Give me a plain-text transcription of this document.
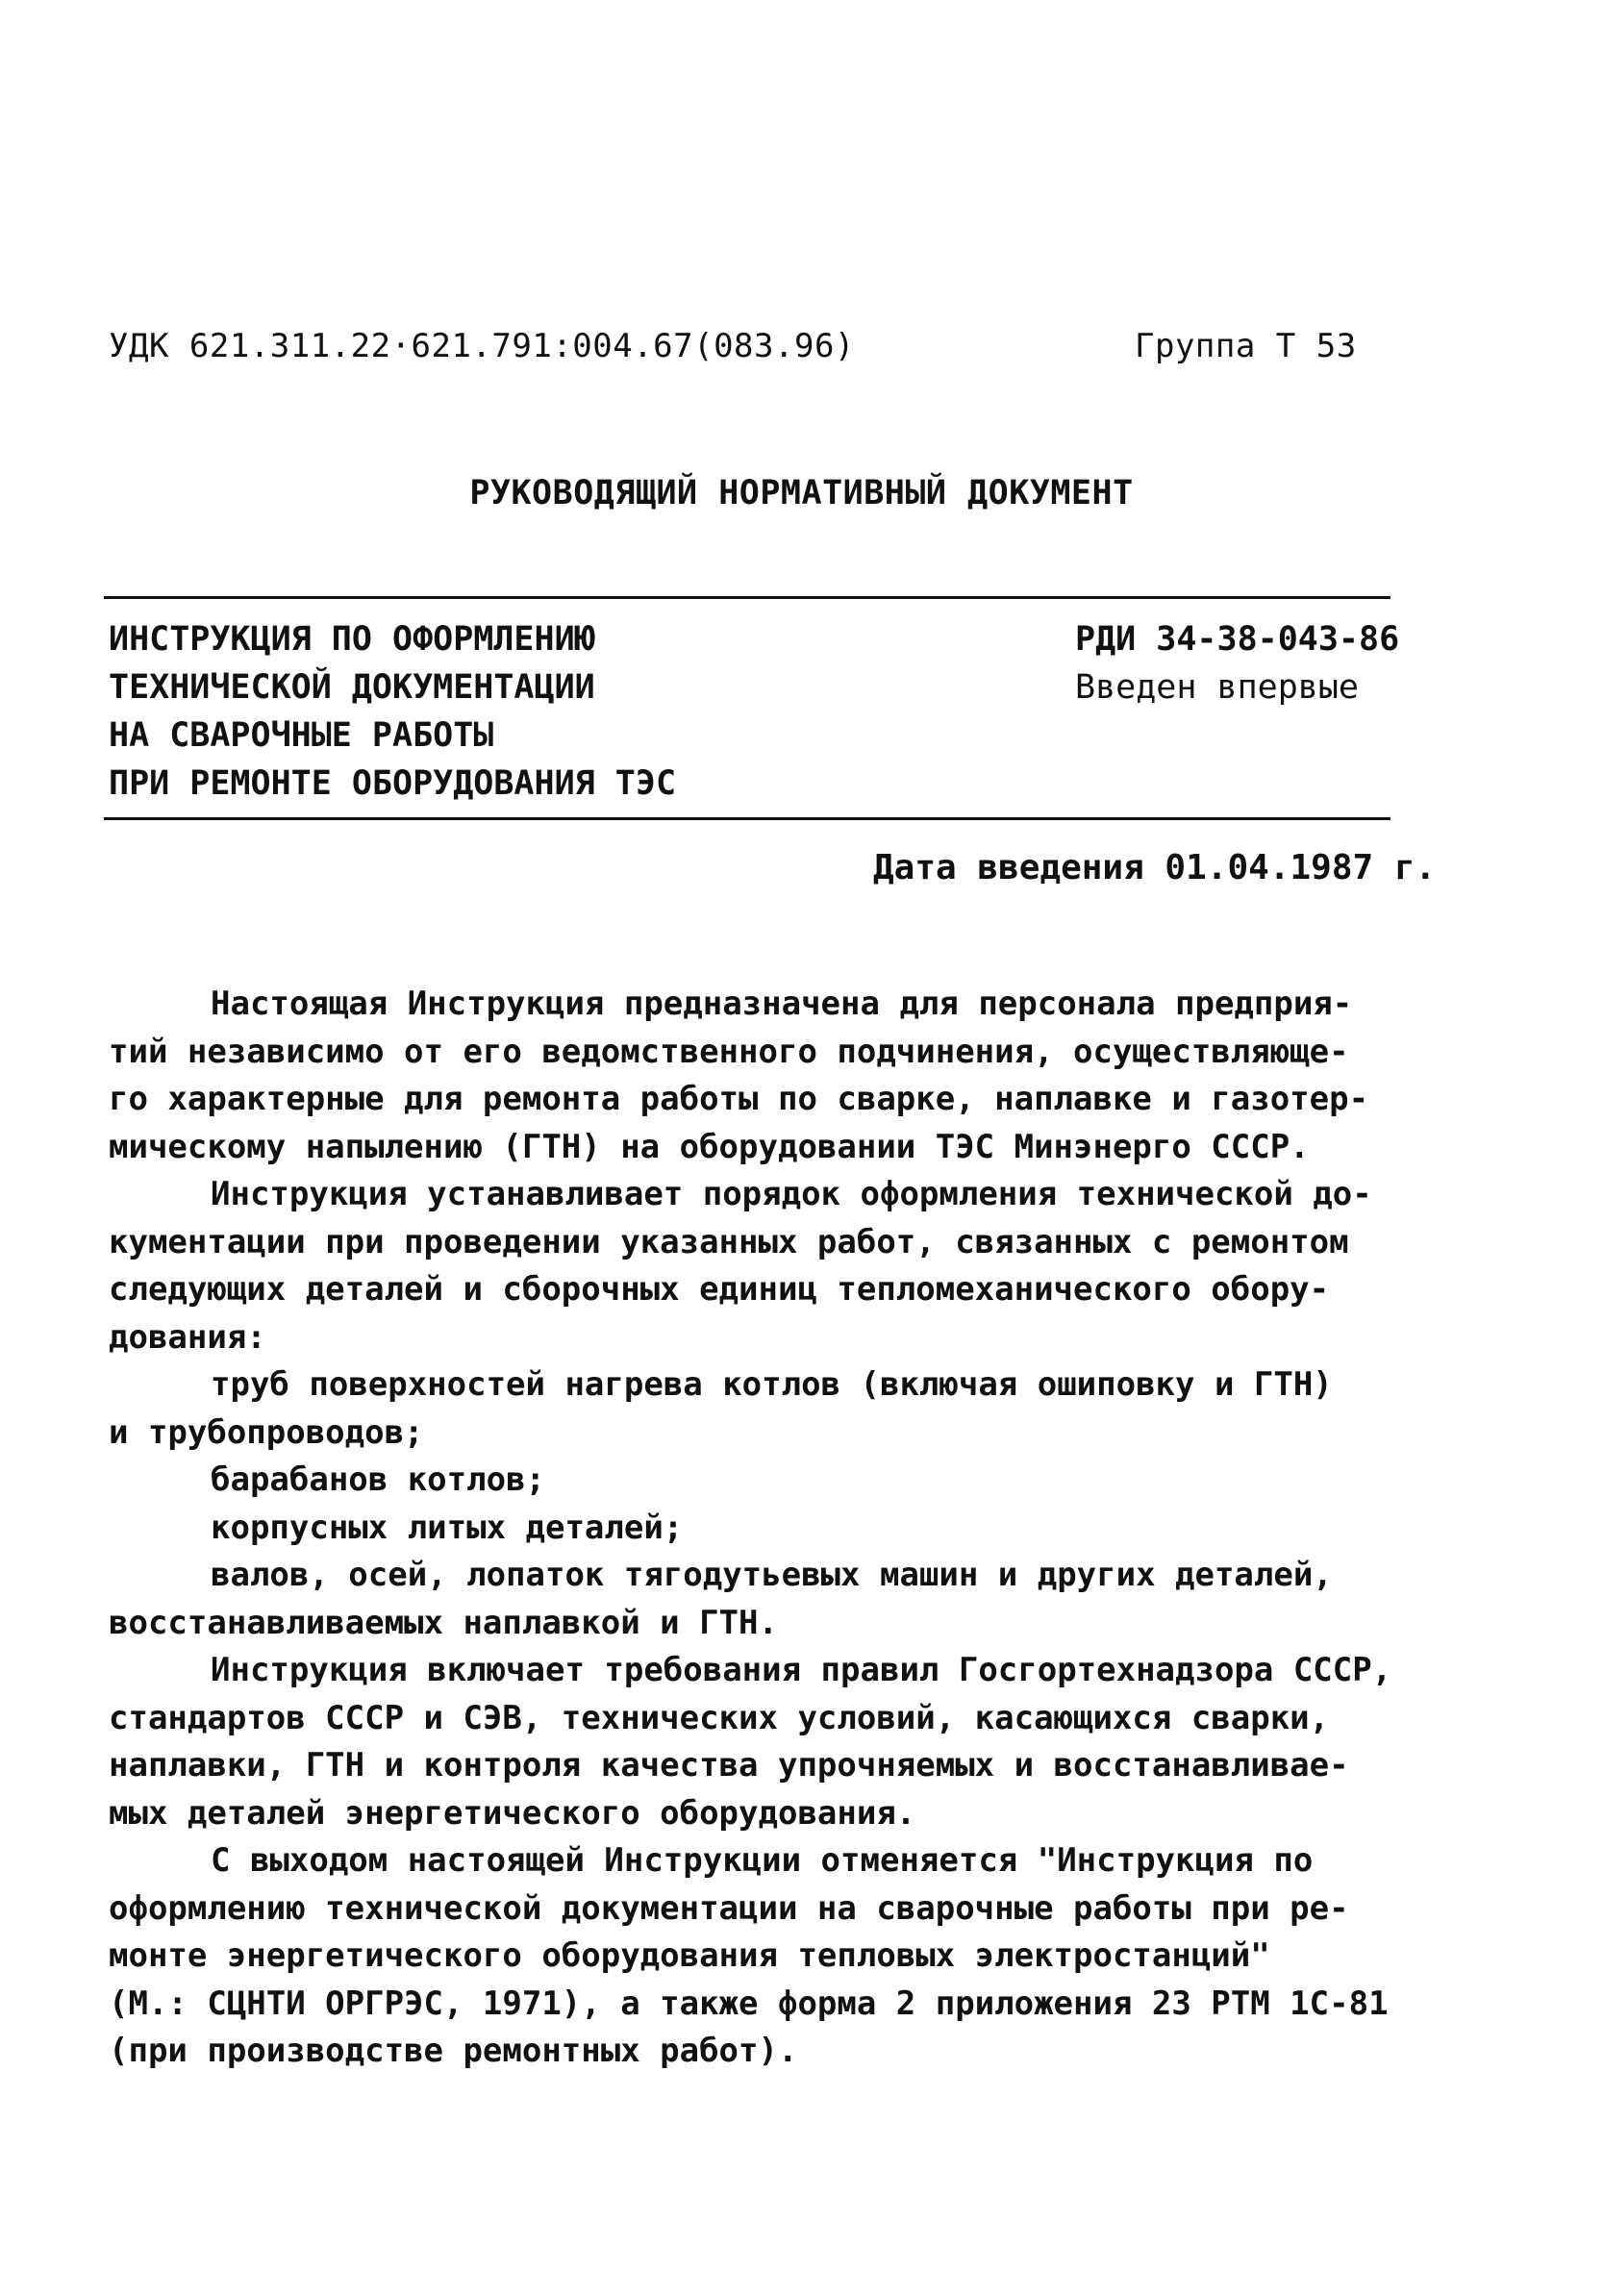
УДК 621.311.22·621.791:004.67(083.96)	Группа Т 53
РУКОВОДЯЩИЙ НОРМАТИВНЫЙ ДОКУМЕНТ
ИНСТРУКЦИЯ ПО ОФОРМЛЕНИЮ
ТЕХНИЧЕСКОЙ ДОКУМЕНТАЦИИ
НА СВАРОЧНЫЕ РАБОТЫ
ПРИ РЕМОНТЕ ОБОРУДОВАНИЯ ТЭС
РДИ 34-38-043-86
Введен впервые
Дата введения 01.04.1987 г.
Настоящая Инструкция предназначена для персонала предприя-
тий независимо от его ведомственного подчинения, осуществляюще-
го характерные для ремонта работы по сварке, наплавке и газотер-
мическому напылению (ГТН) на оборудовании ТЭС Минэнерго СССР.
Инструкция устанавливает порядок оформления технической до-
кументации при проведении указанных работ, связанных с ремонтом
следующих деталей и сборочных единиц тепломеханического обору-
дования:
труб поверхностей нагрева котлов (включая ошиповку и ГТН)
и трубопроводов;
барабанов котлов;
корпусных литых деталей;
валов, осей, лопаток тягодутьевых машин и других деталей,
восстанавливаемых наплавкой и ГТН.
Инструкция включает требования правил Госгортехнадзора СССР,
стандартов СССР и СЭВ, технических условий, касающихся сварки,
наплавки, ГТН и контроля качества упрочняемых и восстанавливае-
мых деталей энергетического оборудования.
С выходом настоящей Инструкции отменяется "Инструкция по
оформлению технической документации на сварочные работы при ре-
монте энергетического оборудования тепловых электростанций"
(М.: СЦНТИ ОРГРЭС, 1971), а также форма 2 приложения 23 РТМ 1С-81
(при производстве ремонтных работ).
